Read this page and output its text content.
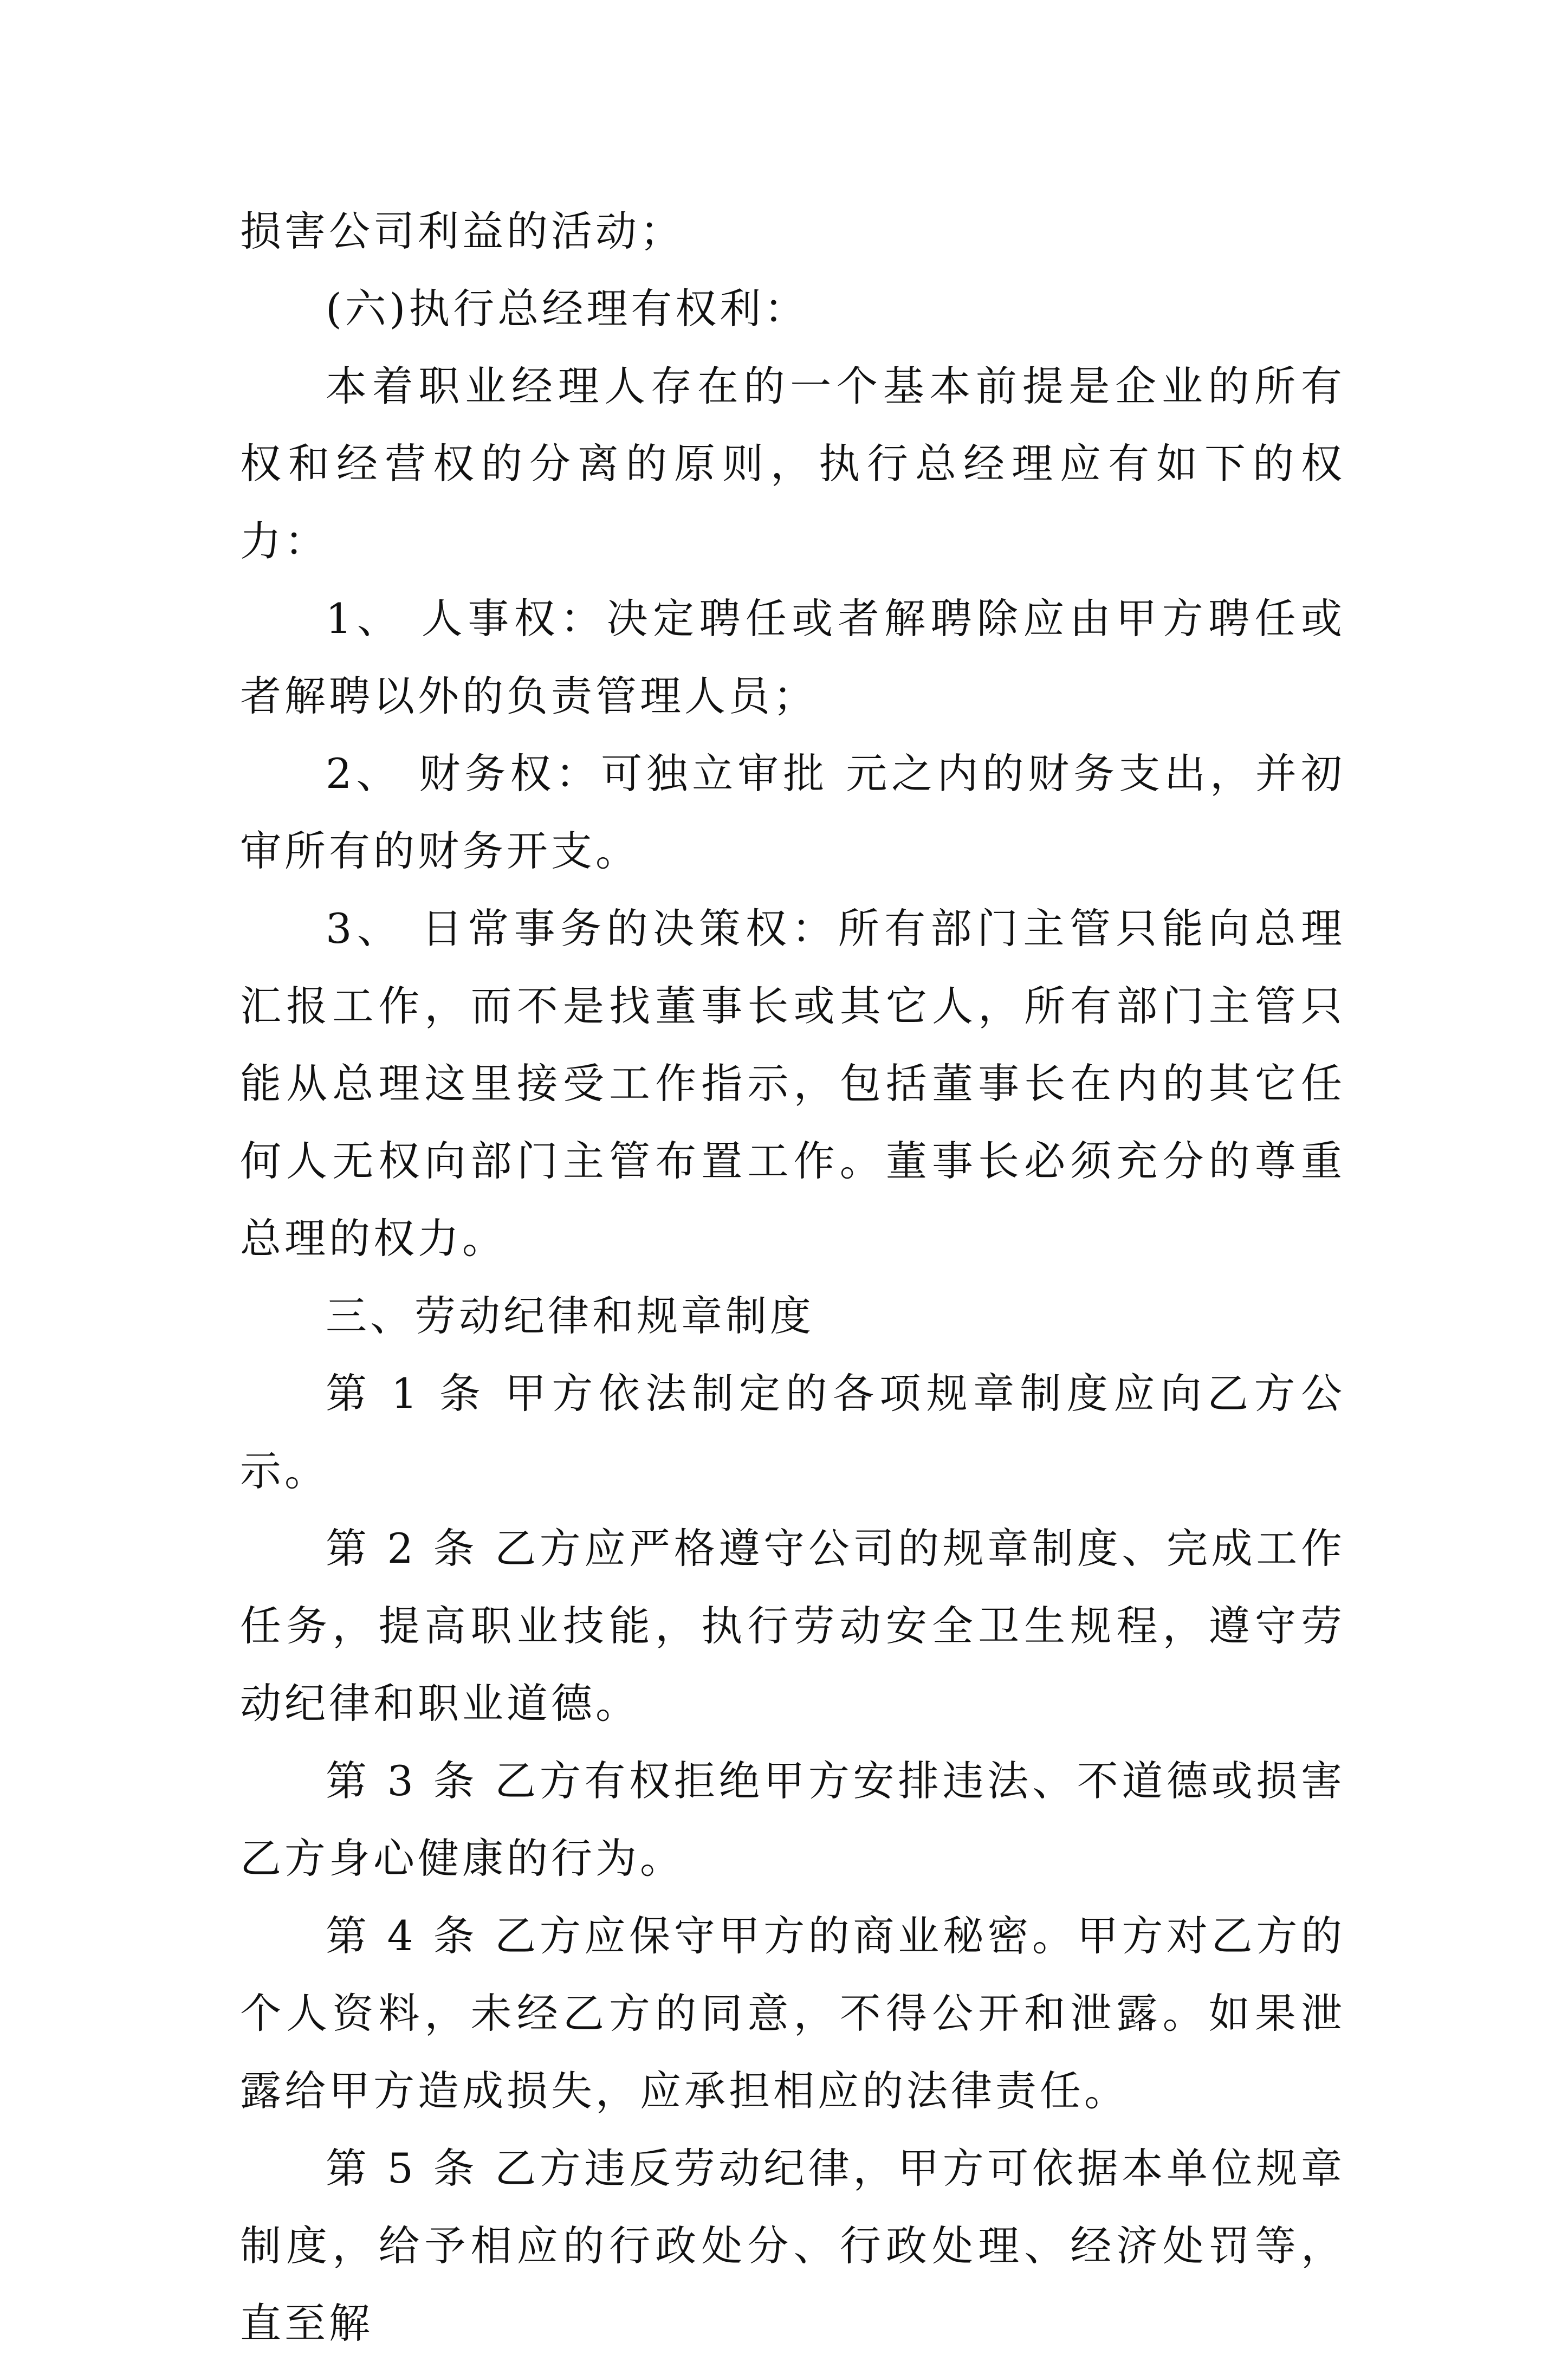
损害公司利益的活动；

(六)执行总经理有权利：

本着职业经理人存在的一个基本前提是企业的所有权和经营权的分离的原则，执行总经理应有如下的权力：

1、 人事权：决定聘任或者解聘除应由甲方聘任或者解聘以外的负责管理人员；

2、 财务权：可独立审批 元之内的财务支出，并初审所有的财务开支。

3、 日常事务的决策权：所有部门主管只能向总理汇报工作，而不是找董事长或其它人，所有部门主管只能从总理这里接受工作指示，包括董事长在内的其它任何人无权向部门主管布置工作。董事长必须充分的尊重总理的权力。

三、劳动纪律和规章制度

第 1 条 甲方依法制定的各项规章制度应向乙方公示。

第 2 条 乙方应严格遵守公司的规章制度、完成工作任务，提高职业技能，执行劳动安全卫生规程，遵守劳动纪律和职业道德。

第 3 条 乙方有权拒绝甲方安排违法、不道德或损害乙方身心健康的行为。

第 4 条 乙方应保守甲方的商业秘密。甲方对乙方的个人资料，未经乙方的同意，不得公开和泄露。如果泄露给甲方造成损失，应承担相应的法律责任。

第 5 条 乙方违反劳动纪律，甲方可依据本单位规章制度，给予相应的行政处分、行政处理、经济处罚等，直至解
